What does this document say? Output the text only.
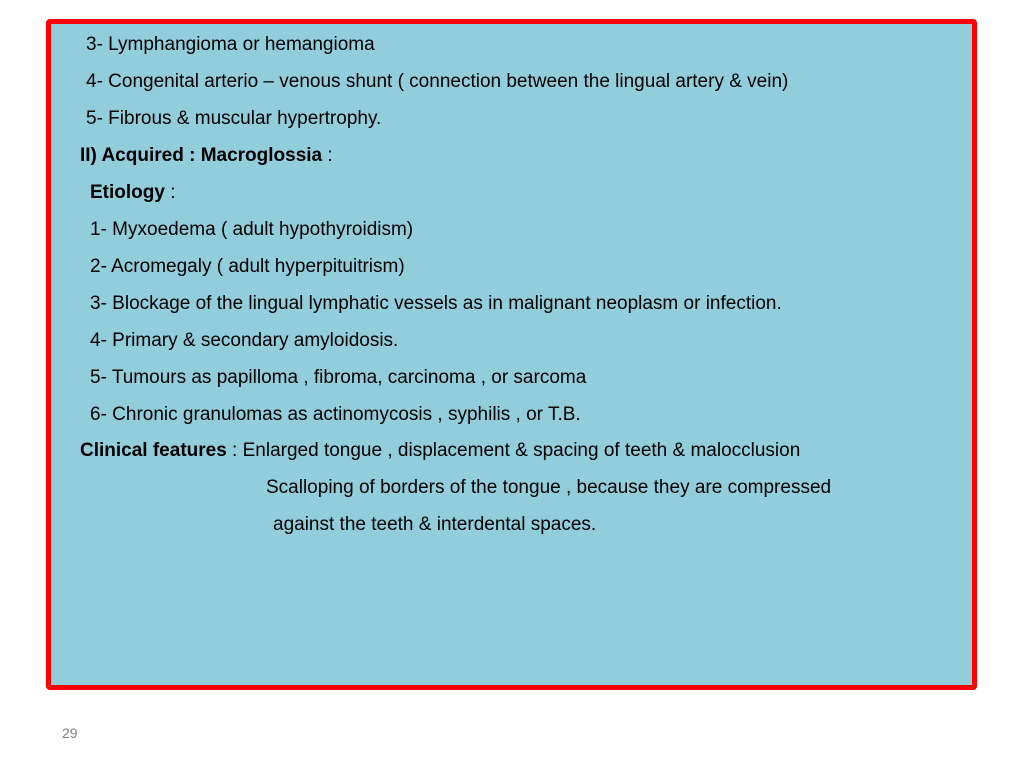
3- Lymphangioma or hemangioma
4- Congenital arterio – venous shunt ( connection between the lingual artery & vein)
5- Fibrous & muscular hypertrophy.
II) Acquired : Macroglossia :
Etiology :
1- Myxoedema ( adult hypothyroidism)
2- Acromegaly ( adult hyperpituitrism)
3- Blockage of the lingual lymphatic vessels as in malignant neoplasm or infection.
4- Primary & secondary amyloidosis.
5- Tumours as papilloma , fibroma, carcinoma , or sarcoma
6- Chronic granulomas as actinomycosis , syphilis , or T.B.
Clinical features : Enlarged tongue , displacement & spacing of teeth & malocclusion
Scalloping of borders of the tongue , because they are compressed
against the teeth & interdental spaces.
29
